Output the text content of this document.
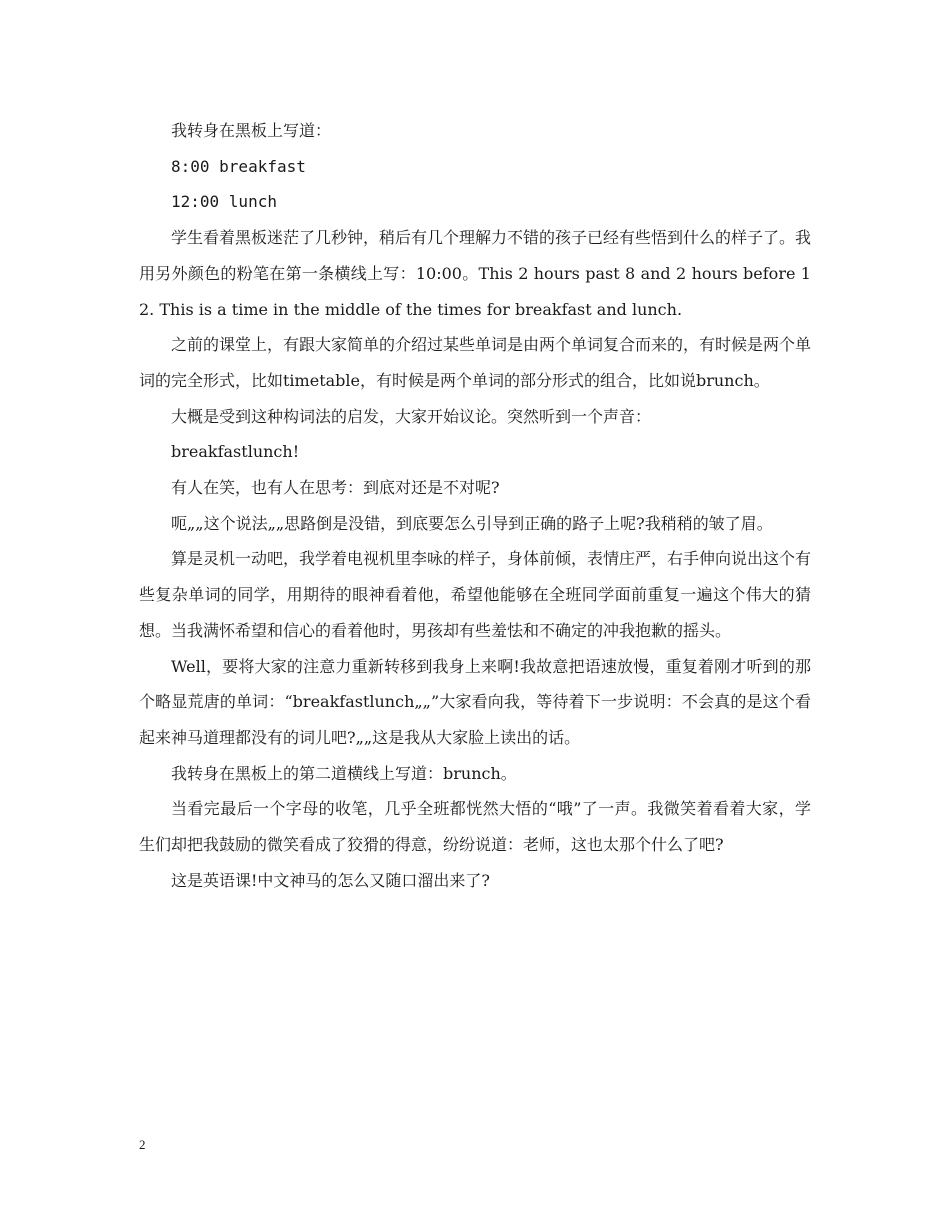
我转身在黑板上写道：

8:00 breakfast

12:00 lunch

学生看着黑板迷茫了几秒钟，稍后有几个理解力不错的孩子已经有些悟到什么的样子了。我用另外颜色的粉笔在第一条横线上写：10:00。This 2 hours past 8 and 2 hours before 12. This is a time in the middle of the times for breakfast and lunch.

之前的课堂上，有跟大家简单的介绍过某些单词是由两个单词复合而来的，有时候是两个单词的完全形式，比如timetable，有时候是两个单词的部分形式的组合，比如说brunch。

大概是受到这种构词法的启发，大家开始议论。突然听到一个声音：

breakfastlunch!

有人在笑，也有人在思考：到底对还是不对呢?

呃„„这个说法„„思路倒是没错，到底要怎么引导到正确的路子上呢?我稍稍的皱了眉。

算是灵机一动吧，我学着电视机里李咏的样子，身体前倾，表情庄严，右手伸向说出这个有些复杂单词的同学，用期待的眼神看着他，希望他能够在全班同学面前重复一遍这个伟大的猜想。当我满怀希望和信心的看着他时，男孩却有些羞怯和不确定的冲我抱歉的摇头。

Well，要将大家的注意力重新转移到我身上来啊!我故意把语速放慢，重复着刚才听到的那个略显荒唐的单词：“breakfastlunch„„”大家看向我，等待着下一步说明：不会真的是这个看起来神马道理都没有的词儿吧?„„这是我从大家脸上读出的话。

我转身在黑板上的第二道横线上写道：brunch。

当看完最后一个字母的收笔，几乎全班都恍然大悟的“哦”了一声。我微笑着看着大家，学生们却把我鼓励的微笑看成了狡猾的得意，纷纷说道：老师，这也太那个什么了吧?

这是英语课!中文神马的怎么又随口溜出来了?

2
